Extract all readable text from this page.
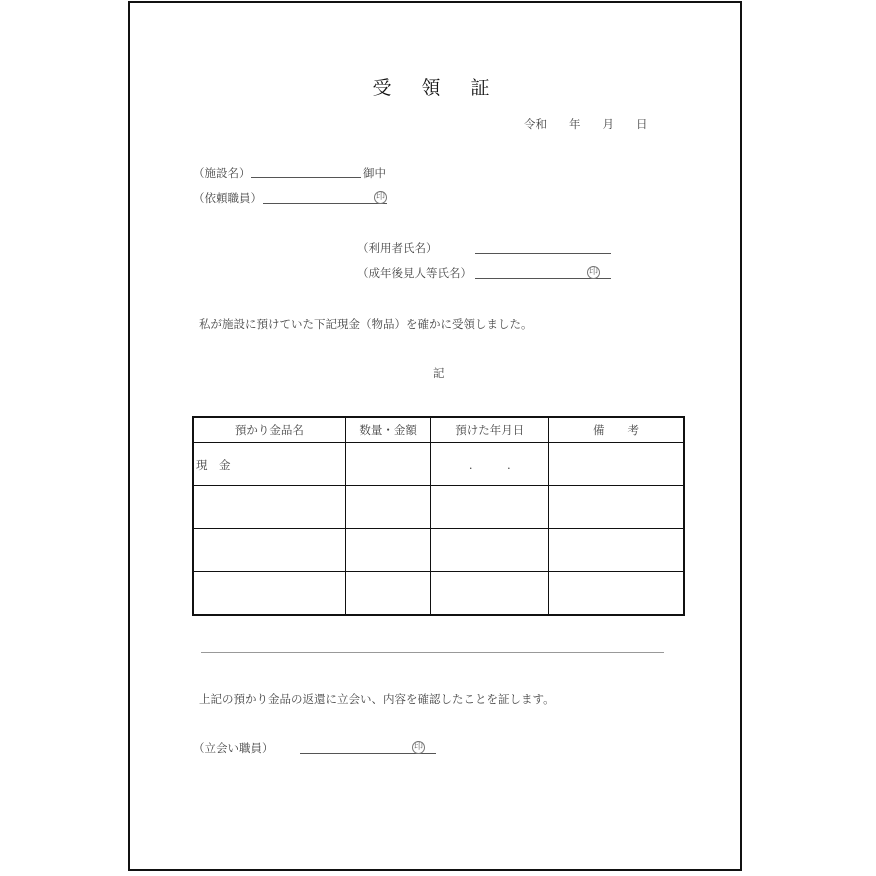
受 領 証
令和 年 月 日
（施設名）	御中
（依頼職員）	印
（利用者氏名）
（成年後見人等氏名）	印
私が施設に預けていた下記現金（物品）を確かに受領しました。
記
預かり金品名	数量・金額	預けた年月日	備　　考

現　金		.　　　.	

上記の預かり金品の返還に立会い、内容を確認したことを証します。
（立会い職員）	印
